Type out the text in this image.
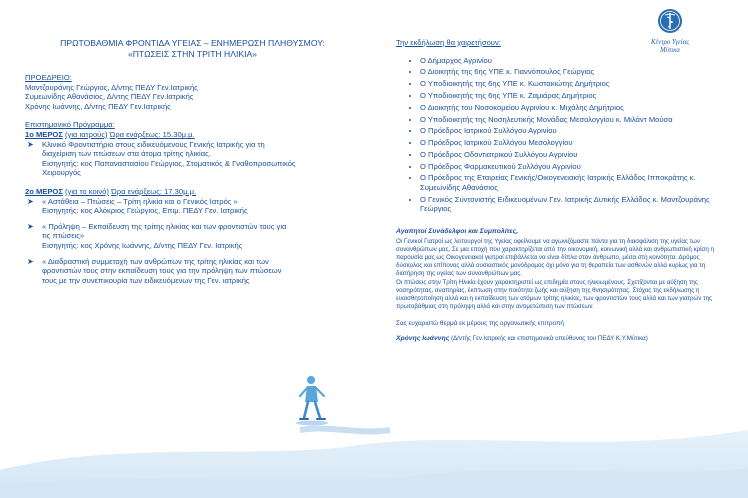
Κέντρο Υγείας
Μύτικα
ΠΡΩΤΟΒΑΘΜΙΑ ΦΡΟΝΤΙΔΑ ΥΓΕΙΑΣ – ΕΝΗΜΕΡΩΣΗ ΠΛΗΘΥΣΜΟΥ:
«ΠΤΩΣΕΙΣ ΣΤΗΝ ΤΡΙΤΗ ΗΛΙΚΙΑ»
ΠΡΟΕΔΡΕΙΟ:
Μαντζουράνης Γεώργιος, Δ/ντης ΠΕΔΥ Γεν.Ιατρικής
Συμεωνίδης Αθανάσιος, Δ/ντης ΠΕΔΥ Γεν.Ιατρικής
Χρόνης Ιωάννης, Δ/ντης ΠΕΔΥ Γεν.Ιατρικής
Επιστημονικό Πρόγραμμα:
1ο ΜΕΡΟΣ (για ιατρούς) Ώρα ενάρξεως: 15.30μ.μ.
➤ Κλινικό Φροντιστήριο στους ειδικευόμενους Γενικής Ιατρικής για τη
διαχείριση των πτώσεων στα άτομα τρίτης ηλικίας.
Εισηγητής: κος Παπαναστασίου Γεώργιος, Στοματικός & Γναθοπροσωπικός
Χειρουργός
2ο ΜΕΡΟΣ (για το κοινό) Ώρα ενάρξεως: 17.30μ.μ.
➤ « Αστάθεια – Πτώσεις – Τρίτη ηλικία και ο Γενικός Ιατρός »
Εισηγητής: κος Αλόκριος Γεώργιος, Επιμ. ΠΕΔΥ Γεν. Ιατρικής
➤ « Πρόληψη – Εκπαίδευση της τρίτης ηλικίας και των φροντιστών τους για
τις πτώσεις»
Εισηγητής: κος Χρόνης Ιωάννης, Δ/ντης ΠΕΔΥ Γεν. Ιατρικής
➤ « Διαδραστική συμμετοχή των ανθρώπων της τρίτης ηλικίας και των
φροντιστών τους στην εκπαίδευση τους για την πρόληψη των πτώσεων
τους με την συνεπικουρία των ειδικευόμενων της Γεν. ιατρικής
Την εκδήλωση θα χαιρετήσουν:
• Ο Δήμαρχος Αγρινίου
• Ο Διοικητής της 6ης ΥΠΕ κ. Γιαννόπουλος Γεώργιος
• Ο Υποδιοικητής της 6ης ΥΠΕ κ. Κωστακιώτης Δημήτριος
• Ο Υποδιοικητής της 6ης ΥΠΕ κ. Ζαμιάρας Δημήτριος
• Ο Διοικητής του Νοσοκομείου Αγρινίου κ. Μιχάλης Δημήτριος
• Ο Υποδιοικητής της Νοσηλευτικής Μονάδας Μεσολογγίου κ. Μιλάντ Μούσα
• Ο Πρόεδρος Ιατρικού Συλλόγου Αγρινίου
• Ο Πρόεδρος Ιατρικού Συλλόγου Μεσολογγίου
• Ο Πρόεδρος Οδοντιατρικού Συλλόγου Αγρινίου
• Ο Πρόεδρος Φαρμακευτικού Συλλόγου Αγρινίου
• Ο Πρόεδρος της Εταιρείας Γενικής/Οικογενειακής Ιατρικής Ελλάδος Ιπποκράτης κ. Συμεωνίδης Αθανάσιος
• Ο Γενικός Συντονιστής Ειδικευομένων Γεν. Ιατρικής Δυτικής Ελλάδος κ. Μαντζουράνης Γεώργιος
Αγαπητοί Συνάδελφοι και Συμπολίτες,
Οι Γενικοί Γιατροί ως λειτουργοί της Υγείας οφείλουμε να αγωνιζόμαστε πάντα για τη διασφάλιση της υγείας των συνανθρώπων μας. Σε μια εποχή που χαρακτηρίζεται από την οικονομική, κοινωνική αλλά και ανθρωπιστική κρίση η παρουσία μας ως Οικογενειακοί γιατροί επιβάλλεται να είναι δίπλα στον άνθρωπο, μέσα στη κοινότητα. Δρόμος δύσκολος και επίπονος αλλά ουσιαστικός μονόδρομος όχι μόνο για τη θεραπεία των ασθενών αλλά κυρίως για τη διατήρηση της υγείας των συνανθρώπων μας.
Οι πτώσεις στην Τρίτη Ηλικία έχουν χαρακτηριστεί ως επιδημία στους ηλικιωμένους. Σχετίζονται με αύξηση της νοσηρότητας, αναπηρίας, έκπτωση στην ποιότητα ζωής και αύξηση της θνησιμότητας. Στόχος της εκδήλωσης η ευαισθητοποίηση αλλά και η εκπαίδευση των ατόμων τρίτης ηλικίας, των φροντιστών τους αλλά και των γιατρών της πρωτοβάθμιας στη πρόληψη αλλά και στην αντιμετώπιση των πτώσεων.
Σας ευχαριστώ θερμά εκ μέρους της οργανωτικής επιτροπή
Χρόνης Ιωάννης (Δ/ντής Γεν.Ιατρικής και επιστημονικά υπεύθυνος του ΠΕΔΥ Κ.Υ.Μύτικα)
